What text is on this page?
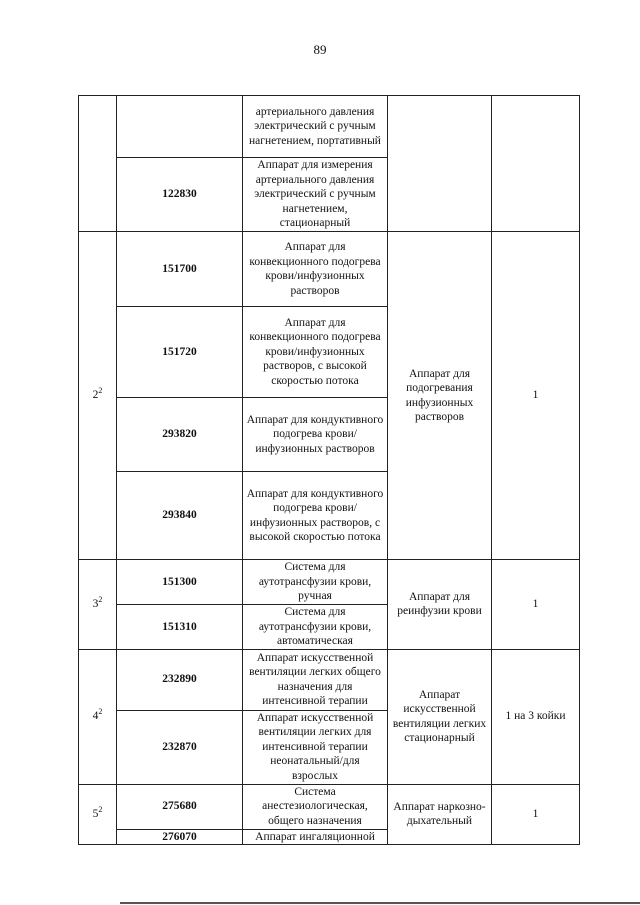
89
		артериального давления электрический с ручным нагнетением, портативный		
	122830	Аппарат для измерения артериального давления электрический с ручным нагнетением, стационарный		
$2^2$	151700	Аппарат для конвекционного подогрева крови/инфузионных растворов	Аппарат для подогревания инфузионных растворов	1
	151720	Аппарат для конвекционного подогрева крови/инфузионных растворов, с высокой скоростью потока		
	293820	Аппарат для кондуктивного подогрева крови/инфузионных растворов		
	293840	Аппарат для кондуктивного подогрева крови/инфузионных растворов, с высокой скоростью потока		
$3^2$	151300	Система для аутотрансфузии крови, ручная	Аппарат для реинфузии крови	1
	151310	Система для аутотрансфузии крови, автоматическая		
$4^2$	232890	Аппарат искусственной вентиляции легких общего назначения для интенсивной терапии	Аппарат искусственной вентиляции легких стационарный	1 на 3 койки
	232870	Аппарат искусственной вентиляции легких для интенсивной терапии неонатальный/для взрослых		
$5^2$	275680	Система анестезиологическая, общего назначения	Аппарат наркозно-дыхательный	1
	276070	Аппарат ингаляционной		
